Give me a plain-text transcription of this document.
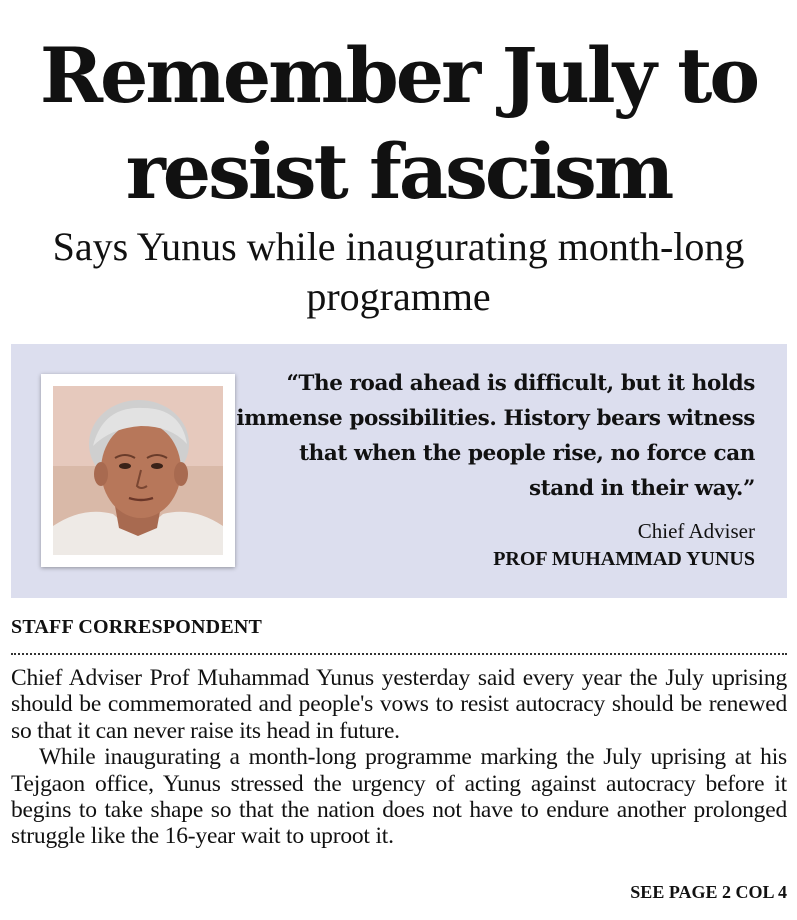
Remember July to resist fascism
Says Yunus while inaugurating month-long programme

“The road ahead is difficult, but it holds immense possibilities. History bears witness that when the people rise, no force can stand in their way.”

Chief Adviser
PROF MUHAMMAD YUNUS
STAFF CORRESPONDENT

Chief Adviser Prof Muhammad Yunus yesterday said every year the July uprising should be commemorated and people's vows to resist autocracy should be renewed so that it can never raise its head in future.

While inaugurating a month-long programme marking the July uprising at his Tejgaon office, Yunus stressed the urgency of acting against autocracy before it begins to take shape so that the nation does not have to endure another prolonged struggle like the 16-year wait to uproot it.

SEE PAGE 2 COL 4
